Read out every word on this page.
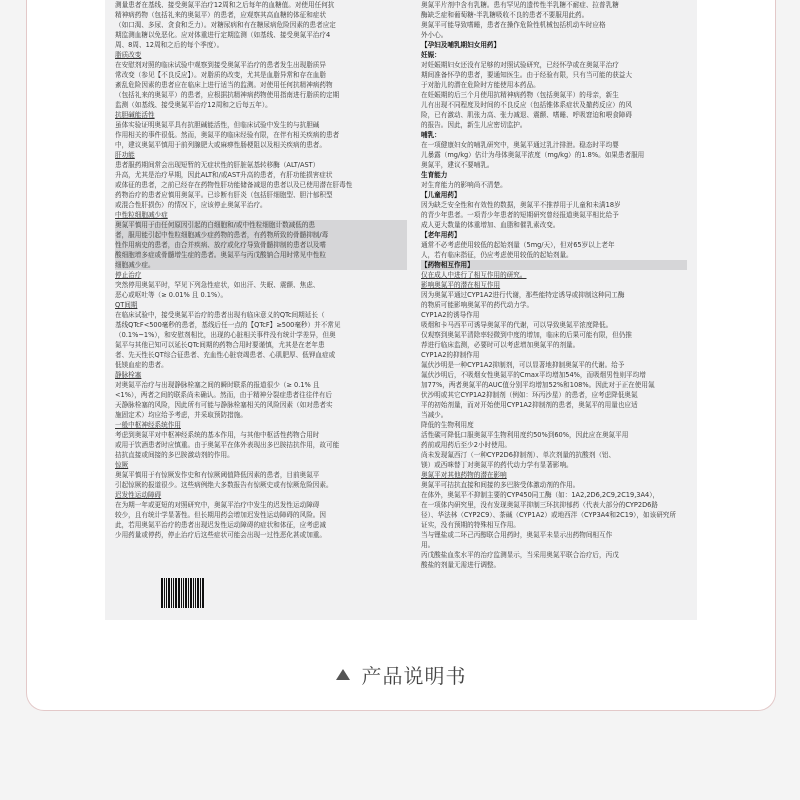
测量患者在基线、接受奥氮平治疗12周和之后每年的血糖值。对使用任何抗

精神病药物（包括礼来的奥氮平）的患者，应观察其高血糖的体征和症状

（如口渴、多尿、贪食和乏力）。对糖尿病和有在糖尿病危险因素的患者应定

期监测血糖以免恶化。应对体重进行定期监测（如基线、接受奥氮平治疗4

周、8周、12周和之后的每个季度）。

脂质改变

在安慰剂对照的临床试验中观察到接受奥氮平治疗的患者发生出现脂质异

常改变（参见【不良反应】）。对脂质的改变，尤其是血脂异常和存在血脂

紊乱危险因素的患者应在临床上进行适当的监测。对使用任何抗精神病药物

（包括礼来的奥氮平）的患者，应根据抗精神病药物使用指南进行脂质的定期

监测（如基线、接受奥氮平治疗12周和之后每五年）。

抗胆碱能活性

虽体实验证明奥氮平具有抗胆碱能活性，但临床试验中发生的与抗胆碱

作用相关的事件很低。然而，奥氮平的临床经验有限，在伴有相关疾病的患者

中，建议奥氮平慎用于前列腺肥大或麻痹性肠梗阻以及相关疾病的患者。

肝功能

患者服药期间常会出现短暂的无症状性的肝脏氨基转移酶（ALT/AST）

升高，尤其是治疗早期，因此ALT和/或AST升高的患者，有肝功能损害症状

或体征的患者，之前已经存在药物性肝功能储备减退的患者以及已使用潜在肝毒性

药物治疗的患者应慎用奥氮平。已诊断有肝炎（包括肝细胞型、胆汁郁积型

或混合性肝损伤）的情况下，应该停止奥氮平治疗。

中性粒细胞减少症

奥氮平慎用于由任何原因引起的白细胞和/或中性粒细胞计数减低的患

者，服用能引起中性粒细胞减少症药物的患者，有药物所致的骨髓抑制/毒

性作用病史的患者，由合并疾病、放疗或化疗导致骨髓抑制的患者以及嗜

酸细胞增多症或骨髓增生症的患者。奥氮平与丙戊酸钠合用时常见中性粒

细胞减少症。

停止治疗

突然停用奥氮平时，罕见下列急性症状，如出汗、失眠、震颤、焦虑、

恶心或呕吐等（≥ 0.01% 且 0.1%）。

QT间期

在临床试验中，接受奥氮平治疗的患者出现有临床意义的QTc间期延长（

基线QTcF<500毫秒的患者，基线后任一点的【QTcF】≥500毫秒）并不常见

（0.1%~1%），和安慰剂相比，出现的心脏相关事件没有统计学差异，但奥

氮平与其他已知可以延长QTc间期的药物合用时要谨慎，尤其是在老年患

者、先天性长QT综合征患者、充血性心脏衰竭患者、心肌肥厚、低钾血症或

低镁血症的患者。

静脉栓塞

对奥氮平治疗与出现静脉栓塞之间的瞬时联系的报道很少（≥ 0.1% 且

<1%），两者之间的联系尚未确认。然而，由于精神分裂症患者往往伴有后

天静脉栓塞的风险，因此所有可能与静脉栓塞相关的风险因素（如对患者实

施固定术）均应给予考虑，并采取预防措施。

一般中枢神经系统作用

考虑到奥氮平对中枢神经系统的基本作用，与其他中枢活性药物合用时

或用于饮酒患者时应慎重。由于奥氮平在体外表现出多巴胺拮抗作用，故可能

拮抗直接或间接的多巴胺激动剂的作用。

惊厥

奥氮平慎用于有惊厥发作史和有惊厥阈值降低因素的患者，目前奥氮平

引起惊厥的报道很少。这些病例绝大多数报告有惊厥史或有惊厥危险因素。

迟发性运动障碍

在为期一年或更短的对照研究中，奥氮平治疗中发生的迟发性运动障碍

较少，且有统计学显著性。但长期用药会增加迟发性运动障碍的风险。因

此，若用奥氮平治疗的患者出现迟发性运动障碍的症状和体征，应考虑减

少用药量或停药，停止治疗后这些症状可能会出现一过性恶化甚或加重。

奥氮平片剂中含有乳糖。患有罕见的遗传性半乳糖不耐症、拉普乳糖

酶缺乏症和葡萄糖-半乳糖吸收不良的患者不要服用此药。

奥氮平可能导致嗜睡，患者在操作危险性机械包括机动车时应格

外小心。

【孕妇及哺乳期妇女用药】

妊娠：

对妊娠期妇女还没有足够的对照试验研究，已经怀孕或在奥氮平治疗

期间准备怀孕的患者，要通知医生。由于经验有限，只有当可能的获益大

于对胎儿的潜在危险时方能使用本药品。

在妊娠期的后三个月使用抗精神病药物（包括奥氮平）的母亲，新生

儿有出现不同程度及时间的不良反应（包括锥体系症状及撤药反应）的风

险，已有激动、肌张力高、张力减退、震颤、嗜睡、呼吸窘迫和喂食障碍

的报告。因此，新生儿应密切监护。

哺乳：

在一项健康妇女的哺乳研究中，奥氮平通过乳汁排泄。稳态时平均婴

儿暴露（mg/kg）估计为母体奥氮平浓度（mg/kg）的1.8%。如果患者服用

奥氮平，建议不要哺乳。

生育能力

对生育能力的影响尚不清楚。

【儿童用药】

因为缺乏安全性和有效性的数据，奥氮平不推荐用于儿童和未满18岁

的青少年患者。一项青少年患者的短期研究曾经报道奥氮平相比给予

成人更大数量的体重增加、血脂和催乳素改变。

【老年用药】

通常不必考虑使用较低的起始剂量（5mg/天），但对65岁以上老年

人，若有临床指征，仍应考虑使用较低的起始剂量。

【药物相互作用】

仅在成人中进行了相互作用的研究。

影响奥氮平的潜在相互作用

因为奥氮平通过CYP1A2进行代谢，那些能特定诱导或抑制这种同工酶

的物质可能影响奥氮平的药代动力学。

CYP1A2的诱导作用

吸烟和卡马西平可诱导奥氮平的代谢，可以导致奥氮平浓度降低。

仅观察到奥氮平清除率轻微到中度的增加，临床的后果可能有限，但仍推

荐进行临床监测，必要时可以考虑增加奥氮平的剂量。

CYP1A2的抑制作用

氟伏沙明是一种CYP1A2抑制剂，可以显著地抑制奥氮平的代谢。给予

氟伏沙明后，不吸烟女性奥氮平的Cmax平均增加54%，而吸烟男性则平均增

加77%，两者奥氮平的AUC值分别平均增加52%和108%。因此对于正在使用氟

伏沙明或其它CYP1A2抑制剂（例如：环丙沙星）的患者，应考虑降低奥氮

平的初始剂量，而对开始使用CYP1A2抑制剂的患者，奥氮平的用量也应适

当减少。

降低的生物利用度

活性碳可降低口服奥氮平生物利用度约50%到60%，因此应在奥氮平用

药前或用药后至少2小时使用。

尚未发现氟西汀（一种CYP2D6抑制剂）、单次剂量的抗酸剂（铝、

镁）或西咪替丁对奥氮平的药代动力学有显著影响。

奥氮平对其他药物的潜在影响

奥氮平可拮抗直接和间接的多巴胺受体激动剂的作用。

在体外，奥氮平不抑制主要的CYP450同工酶（如：1A2,2D6,2C9,2C19,3A4），

在一项体内研究里，没有发现奥氮平抑制三环抗抑郁药（代表大部分的CYP2D6路

径）、华法林（CYP2C9）、茶碱（CYP1A2）或地西泮（CYP3A4和2C19），如该研究所

证实，没有预期的特殊相互作用。

当与锂盐或二环己丙醇联合用药时，奥氮平未显示出药物间相互作

用。

丙戊酸盐血浆水平的治疗监测显示，当采用奥氮平联合治疗后，丙戊

酸盐的剂量无需进行调整。

产品说明书
